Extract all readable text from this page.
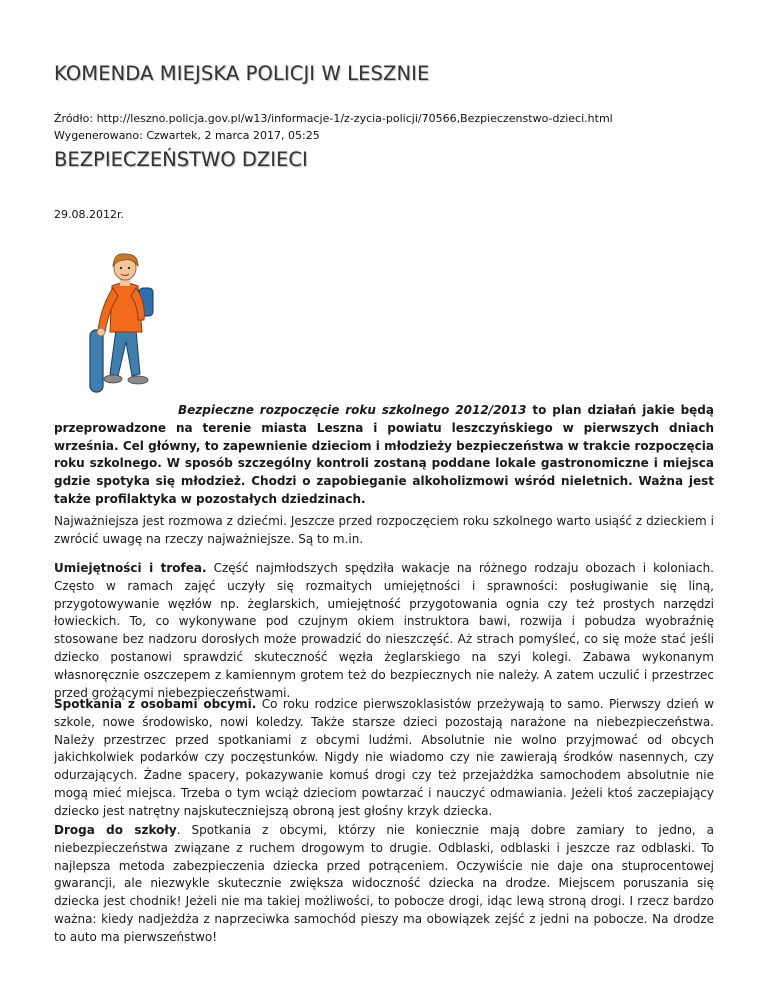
KOMENDA MIEJSKA POLICJI W LESZNIE
Źródło: http://leszno.policja.gov.pl/w13/informacje-1/z-zycia-policji/70566,Bezpieczenstwo-dzieci.html
Wygenerowano: Czwartek, 2 marca 2017, 05:25
BEZPIECZEŃSTWO DZIECI
29.08.2012r.

Bezpieczne rozpoczęcie roku szkolnego 2012/2013 to plan działań jakie będą przeprowadzone na terenie miasta Leszna i powiatu leszczyńskiego w pierwszych dniach września. Cel główny, to zapewnienie dzieciom i młodzieży bezpieczeństwa w trakcie rozpoczęcia roku szkolnego. W sposób szczególny kontroli zostaną poddane lokale gastronomiczne i miejsca gdzie spotyka się młodzież. Chodzi o zapobieganie alkoholizmowi wśród nieletnich. Ważna jest także profilaktyka w pozostałych dziedzinach.

Najważniejsza jest rozmowa z dziećmi. Jeszcze przed rozpoczęciem roku szkolnego warto usiąść z dzieckiem i zwrócić uwagę na rzeczy najważniejsze. Są to m.in.

Umiejętności i trofea. Część najmłodszych spędziła wakacje na różnego rodzaju obozach i koloniach. Często w ramach zajęć uczyły się rozmaitych umiejętności i sprawności: posługiwanie się liną, przygotowywanie węzłów np. żeglarskich, umiejętność przygotowania ognia czy też prostych narzędzi łowieckich. To, co wykonywane pod czujnym okiem instruktora bawi, rozwija i pobudza wyobraźnię stosowane bez nadzoru dorosłych może prowadzić do nieszczęść. Aż strach pomyśleć, co się może stać jeśli dziecko postanowi sprawdzić skuteczność węzła żeglarskiego na szyi kolegi. Zabawa wykonanym własnoręcznie oszczepem z kamiennym grotem też do bezpiecznych nie należy. A zatem uczulić i przestrzec przed grożącymi niebezpieczeństwami.

Spotkania z osobami obcymi. Co roku rodzice pierwszoklasistów przeżywają to samo. Pierwszy dzień w szkole, nowe środowisko, nowi koledzy. Także starsze dzieci pozostają narażone na niebezpieczeństwa. Należy przestrzec przed spotkaniami z obcymi ludźmi. Absolutnie nie wolno przyjmować od obcych jakichkolwiek podarków czy poczęstunków. Nigdy nie wiadomo czy nie zawierają środków nasennych, czy odurzających. Żadne spacery, pokazywanie komuś drogi czy też przejażdżka samochodem absolutnie nie mogą mieć miejsca. Trzeba o tym wciąż dzieciom powtarzać i nauczyć odmawiania. Jeżeli ktoś zaczepiający dziecko jest natrętny najskuteczniejszą obroną jest głośny krzyk dziecka.

Droga do szkoły. Spotkania z obcymi, którzy nie koniecznie mają dobre zamiary to jedno, a niebezpieczeństwa związane z ruchem drogowym to drugie. Odblaski, odblaski i jeszcze raz odblaski. To najlepsza metoda zabezpieczenia dziecka przed potrąceniem. Oczywiście nie daje ona stuprocentowej gwarancji, ale niezwykle skutecznie zwiększa widoczność dziecka na drodze. Miejscem poruszania się dziecka jest chodnik! Jeżeli nie ma takiej możliwości, to pobocze drogi, idąc lewą stroną drogi. I rzecz bardzo ważna: kiedy nadjeżdża z naprzeciwka samochód pieszy ma obowiązek zejść z jedni na pobocze. Na drodze to auto ma pierwszeństwo!
